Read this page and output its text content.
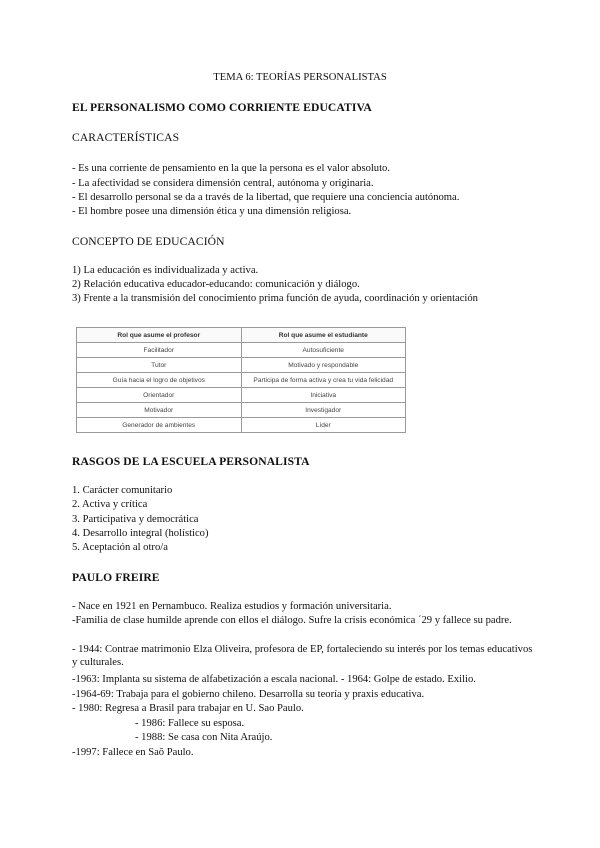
TEMA 6: TEORÍAS PERSONALISTAS
EL PERSONALISMO COMO CORRIENTE EDUCATIVA
CARACTERÍSTICAS
- Es una corriente de pensamiento en la que la persona es el valor absoluto.
- La afectividad se considera dimensión central, autónoma y originaria.
- El desarrollo personal se da a través de la libertad, que requiere una conciencia autónoma.
- El hombre posee una dimensión ética y una dimensión religiosa.
CONCEPTO DE EDUCACIÓN
1) La educación es individualizada y activa.
2) Relación educativa educador-educando: comunicación y diálogo.
3) Frente a la transmisión del conocimiento prima función de ayuda, coordinación y orientación
Rol que asume el profesor	Rol que asume el estudiante
Facilitador	Autosuficiente
Tutor	Motivado y respondable
Guía hacia el logro de objetivos	Participa de forma activa y crea tu vida felicidad
Orientador	Iniciativa
Motivador	Investigador
Generador de ambientes	Líder
RASGOS DE LA ESCUELA PERSONALISTA
1. Carácter comunitario
2. Activa y crítica
3. Participativa y democrática
4. Desarrollo integral (holístico)
5. Aceptación al otro/a
PAULO FREIRE
- Nace en 1921 en Pernambuco. Realiza estudios y formación universitaria.
-Familia de clase humilde aprende con ellos el diálogo. Sufre la crisis económica ´29 y fallece su padre.
- 1944: Contrae matrimonio Elza Oliveira, profesora de EP, fortaleciendo su interés por los temas educativos y culturales.
-1963: Implanta su sistema de alfabetización a escala nacional. - 1964: Golpe de estado. Exilio.
-1964-69: Trabaja para el gobierno chileno. Desarrolla su teoría y praxis educativa.
- 1980: Regresa a Brasil para trabajar en U. Sao Paulo.
- 1986: Fallece su esposa.
- 1988: Se casa con Nita Araújo.
-1997: Fallece en Saõ Paulo.
